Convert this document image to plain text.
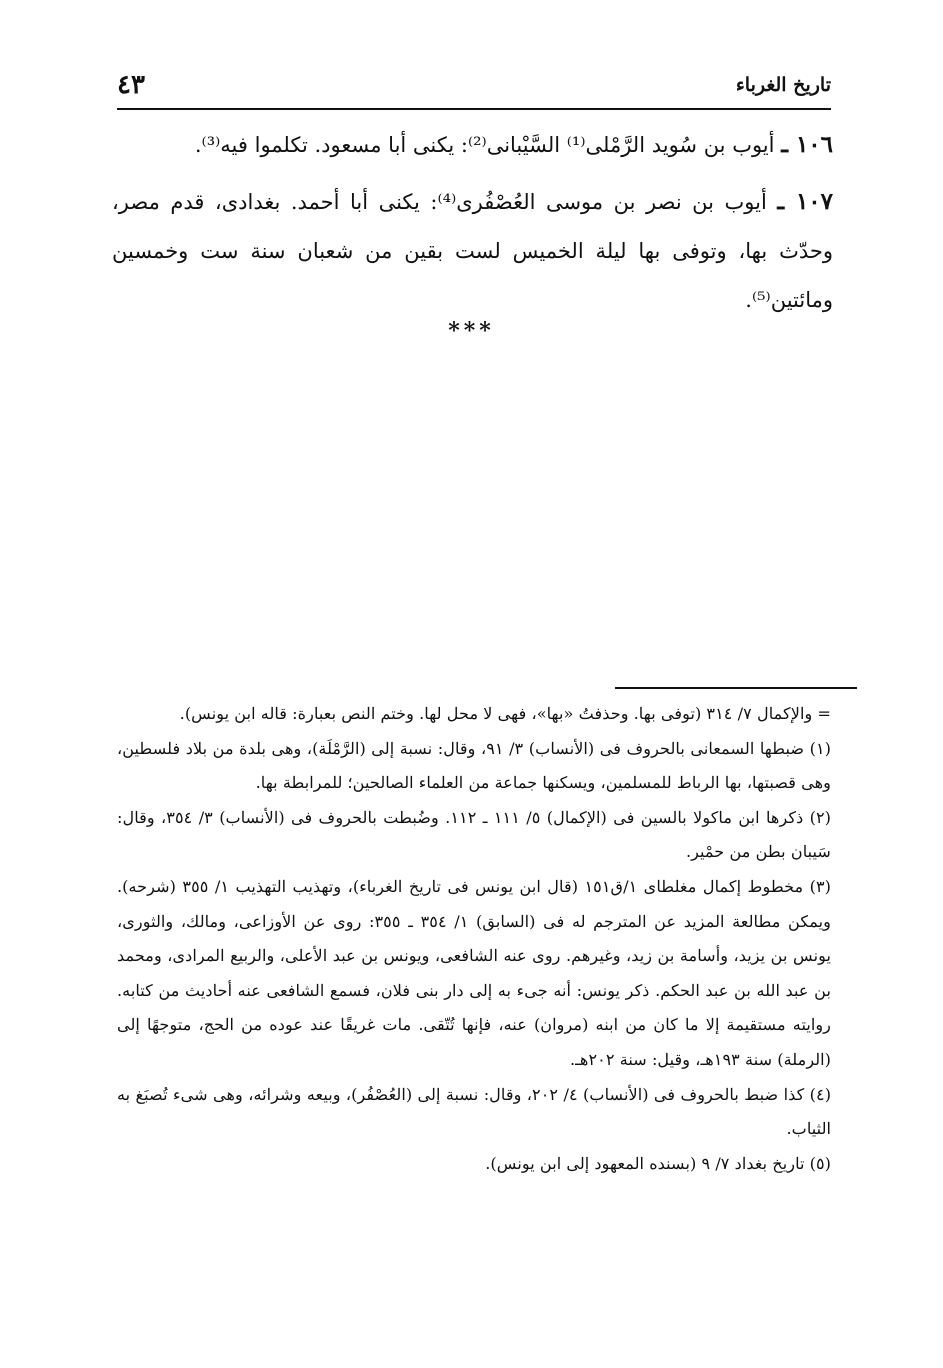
تاريخ الغرباء
٤٣

١٠٦ ـ أيوب بن سُويد الرَّمْلى⁽¹⁾ السَّيْبانى⁽²⁾: يكنى أبا مسعود. تكلموا فيه⁽³⁾.

١٠٧ ـ أيوب بن نصر بن موسى العُصْفُرى⁽⁴⁾: يكنى أبا أحمد. بغدادى، قدم مصر، وحدّث بها، وتوفى بها ليلة الخميس لست بقين من شعبان سنة ست وخمسين ومائتين⁽⁵⁾.

***

= والإكمال ٧/ ٣١٤ (توفى بها. وحذفتُ «بها»، فهى لا محل لها. وختم النص بعبارة: قاله ابن يونس).

(١) ضبطها السمعانى بالحروف فى (الأنساب) ٣/ ٩١، وقال: نسبة إلى (الرَّمْلَة)، وهى بلدة من بلاد فلسطين، وهى قصبتها، بها الرباط للمسلمين، ويسكنها جماعة من العلماء الصالحين؛ للمرابطة بها.

(٢) ذكرها ابن ماكولا بالسين فى (الإكمال) ٥/ ١١١ ـ ١١٢. وضُبطت بالحروف فى (الأنساب) ٣/ ٣٥٤، وقال: سَيبان بطن من حمْير.

(٣) مخطوط إكمال مغلطاى ١/ق١٥١ (قال ابن يونس فى تاريخ الغرباء)، وتهذيب التهذيب ١/ ٣٥٥ (شرحه). ويمكن مطالعة المزيد عن المترجم له فى (السابق) ١/ ٣٥٤ ـ ٣٥٥: روى عن الأوزاعى، ومالك، والثورى، يونس بن يزيد، وأسامة بن زيد، وغيرهم. روى عنه الشافعى، ويونس بن عبد الأعلى، والربيع المرادى، ومحمد بن عبد الله بن عبد الحكم. ذكر يونس: أنه جىء به إلى دار بنى فلان، فسمع الشافعى عنه أحاديث من كتابه. روايته مستقيمة إلا ما كان من ابنه (مروان) عنه، فإنها تُتّقى. مات غريقًا عند عوده من الحج، متوجهًا إلى (الرملة) سنة ١٩٣هـ، وقيل: سنة ٢٠٢هـ.

(٤) كذا ضبط بالحروف فى (الأنساب) ٤/ ٢٠٢، وقال: نسبة إلى (العُصْفُر)، وبيعه وشرائه، وهى شىء تُصبَغ به الثياب.

(٥) تاريخ بغداد ٧/ ٩ (بسنده المعهود إلى ابن يونس).
